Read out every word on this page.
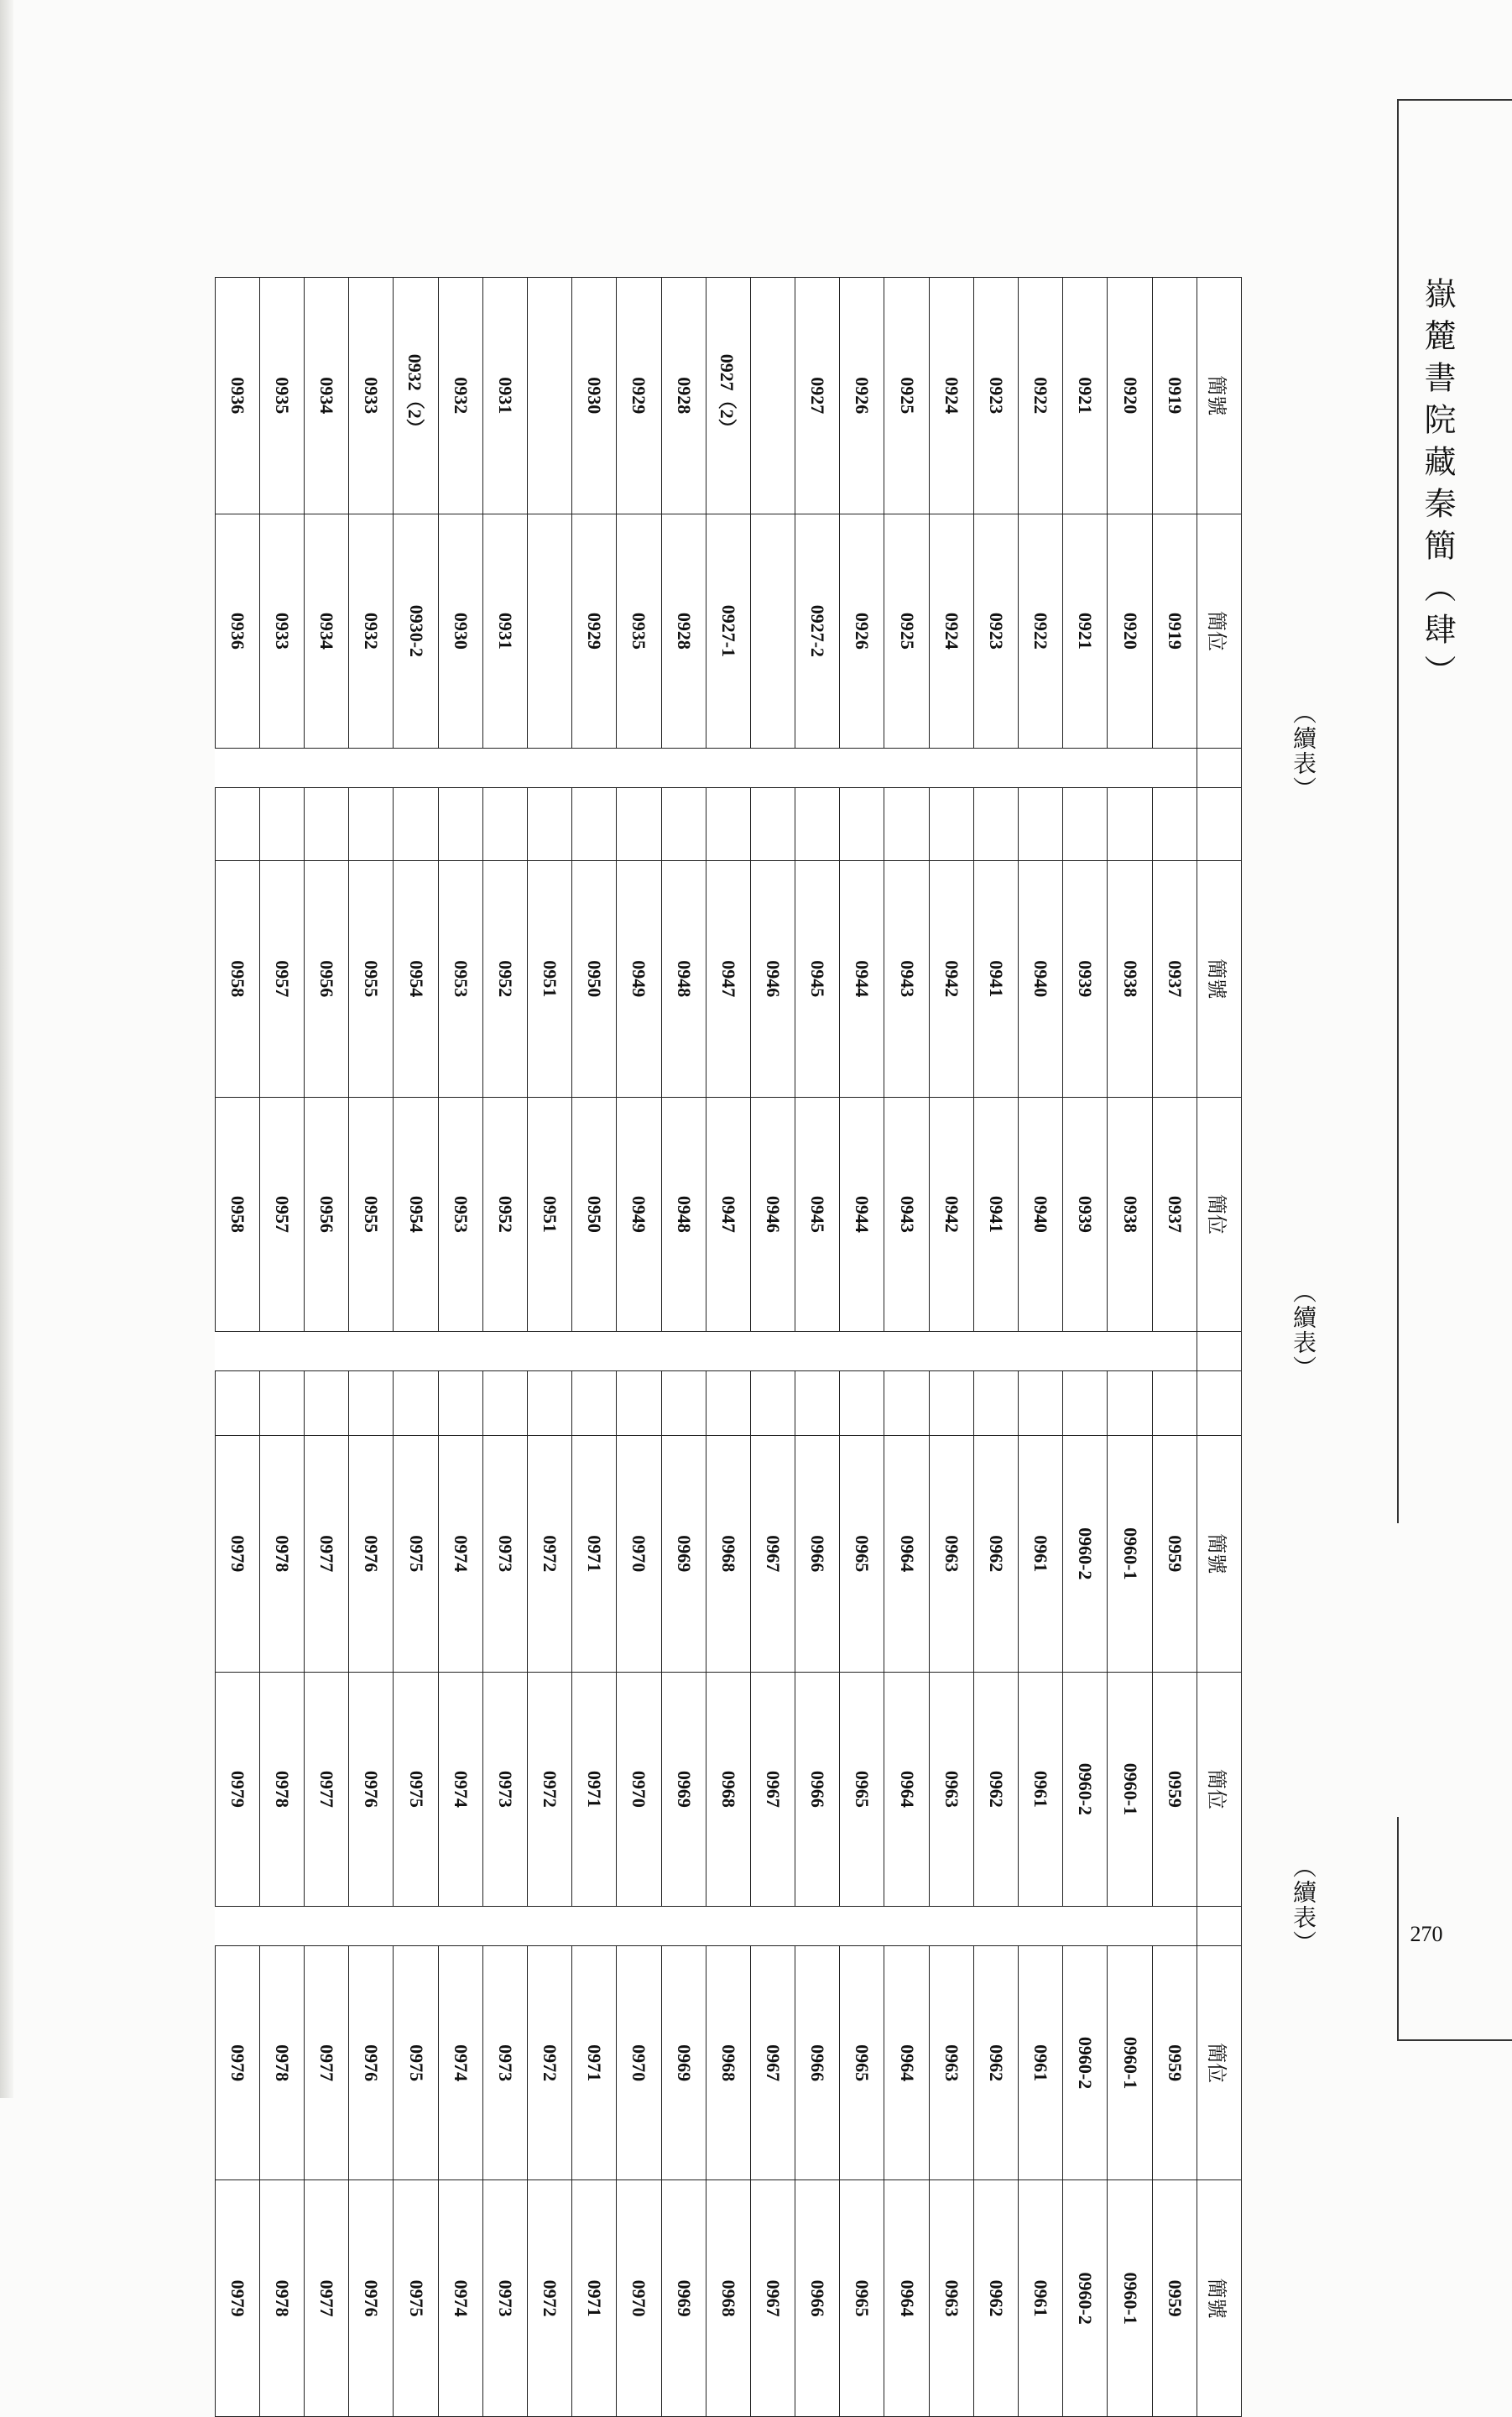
嶽麓書院藏秦簡（肆）
270
（續表）
簡號	簡位			
0919	0919			
0920	0920			
0921	0921			
0922	0922			
0923	0923			
0924	0924			
0925	0925			
0926	0926			
0927	0927-2			

0927（2）	0927-1			
0928	0928			
0929	0935			
0930	0929			

0931	0931			
0932	0930			
0932（2）	0930-2			
0933	0932			
0934	0934			
0935	0933			
0936	0936			
（續表）
簡號	簡位			
0937	0937			
0938	0938			
0939	0939			
0940	0940			
0941	0941			
0942	0942			
0943	0943			
0944	0944			
0945	0945			
0946	0946			
0947	0947			
0948	0948			
0949	0949			
0950	0950			
0951	0951			
0952	0952			
0953	0953			
0954	0954			
0955	0955			
0956	0956			
0957	0957			
0958	0958			
（續表）
簡號	簡位		簡位	簡號
0959	0959		0959	0959
0960-1	0960-1		0960-1	0960-1
0960-2	0960-2		0960-2	0960-2
0961	0961		0961	0961
0962	0962		0962	0962
0963	0963		0963	0963
0964	0964		0964	0964
0965	0965		0965	0965
0966	0966		0966	0966
0967	0967		0967	0967
0968	0968		0968	0968
0969	0969		0969	0969
0970	0970		0970	0970
0971	0971		0971	0971
0972	0972		0972	0972
0973	0973		0973	0973
0974	0974		0974	0974
0975	0975		0975	0975
0976	0976		0976	0976
0977	0977		0977	0977
0978	0978		0978	0978
0979	0979		0979	0979
